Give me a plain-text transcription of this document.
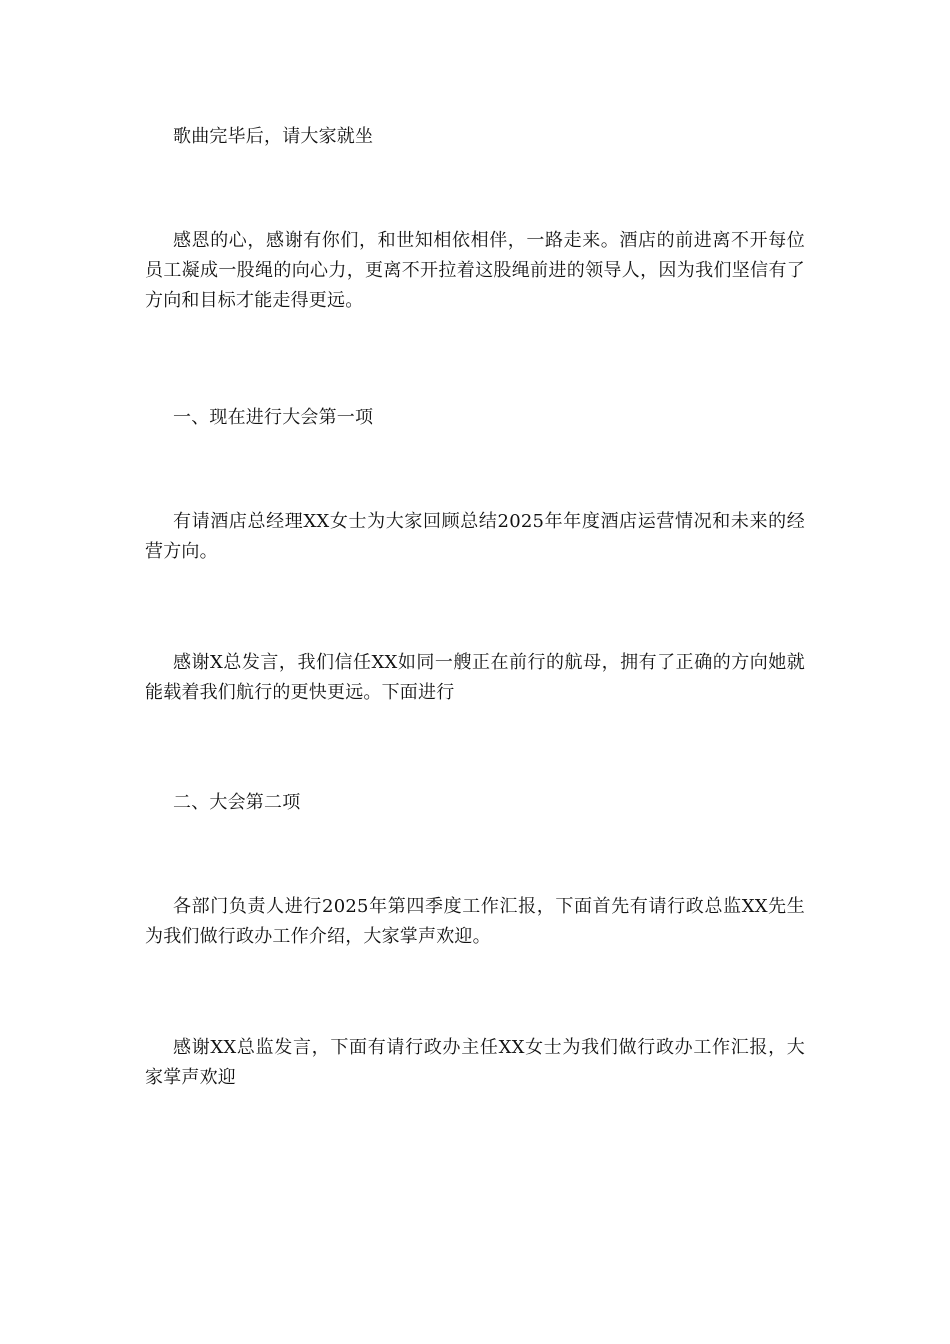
歌曲完毕后，请大家就坐

感恩的心，感谢有你们，和世知相依相伴，一路走来。酒店的前进离不开每位员工凝成一股绳的向心力，更离不开拉着这股绳前进的领导人，因为我们坚信有了方向和目标才能走得更远。

一、现在进行大会第一项

有请酒店总经理XX女士为大家回顾总结2025年年度酒店运营情况和未来的经营方向。

感谢X总发言，我们信任XX如同一艘正在前行的航母，拥有了正确的方向她就能载着我们航行的更快更远。下面进行

二、大会第二项

各部门负责人进行2025年第四季度工作汇报，下面首先有请行政总监XX先生为我们做行政办工作介绍，大家掌声欢迎。

感谢XX总监发言，下面有请行政办主任XX女士为我们做行政办工作汇报，大家掌声欢迎
